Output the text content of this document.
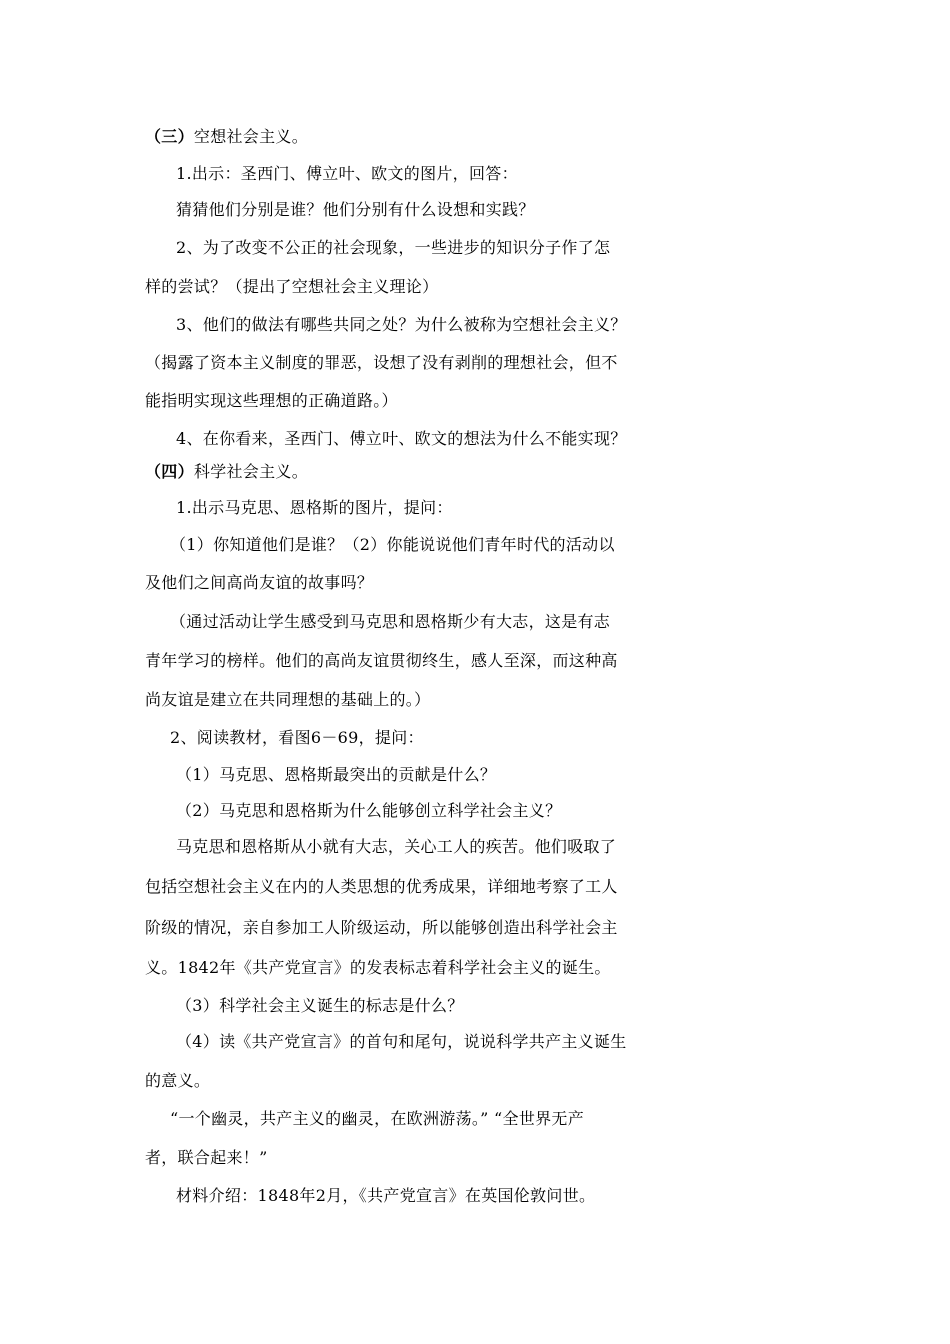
（三）空想社会主义。
1.出示：圣西门、傅立叶、欧文的图片，回答：
猜猜他们分别是谁？他们分别有什么设想和实践？
2、为了改变不公正的社会现象，一些进步的知识分子作了怎
样的尝试？（提出了空想社会主义理论）
3、他们的做法有哪些共同之处？为什么被称为空想社会主义？
（揭露了资本主义制度的罪恶，设想了没有剥削的理想社会，但不
能指明实现这些理想的正确道路。）
4、在你看来，圣西门、傅立叶、欧文的想法为什么不能实现？
（四）科学社会主义。
1.出示马克思、恩格斯的图片，提问：
（1）你知道他们是谁？（2）你能说说他们青年时代的活动以
及他们之间高尚友谊的故事吗？
（通过活动让学生感受到马克思和恩格斯少有大志，这是有志
青年学习的榜样。他们的高尚友谊贯彻终生，感人至深，而这种高
尚友谊是建立在共同理想的基础上的。）
2、阅读教材，看图6－69，提问：
（1）马克思、恩格斯最突出的贡献是什么？
（2）马克思和恩格斯为什么能够创立科学社会主义？
马克思和恩格斯从小就有大志，关心工人的疾苦。他们吸取了
包括空想社会主义在内的人类思想的优秀成果，详细地考察了工人
阶级的情况，亲自参加工人阶级运动，所以能够创造出科学社会主
义。1842年《共产党宣言》的发表标志着科学社会主义的诞生。
（3）科学社会主义诞生的标志是什么？
（4）读《共产党宣言》的首句和尾句，说说科学共产主义诞生
的意义。
“一个幽灵，共产主义的幽灵，在欧洲游荡。” “全世界无产
者，联合起来！”
材料介绍：1848年2月，《共产党宣言》在英国伦敦问世。
